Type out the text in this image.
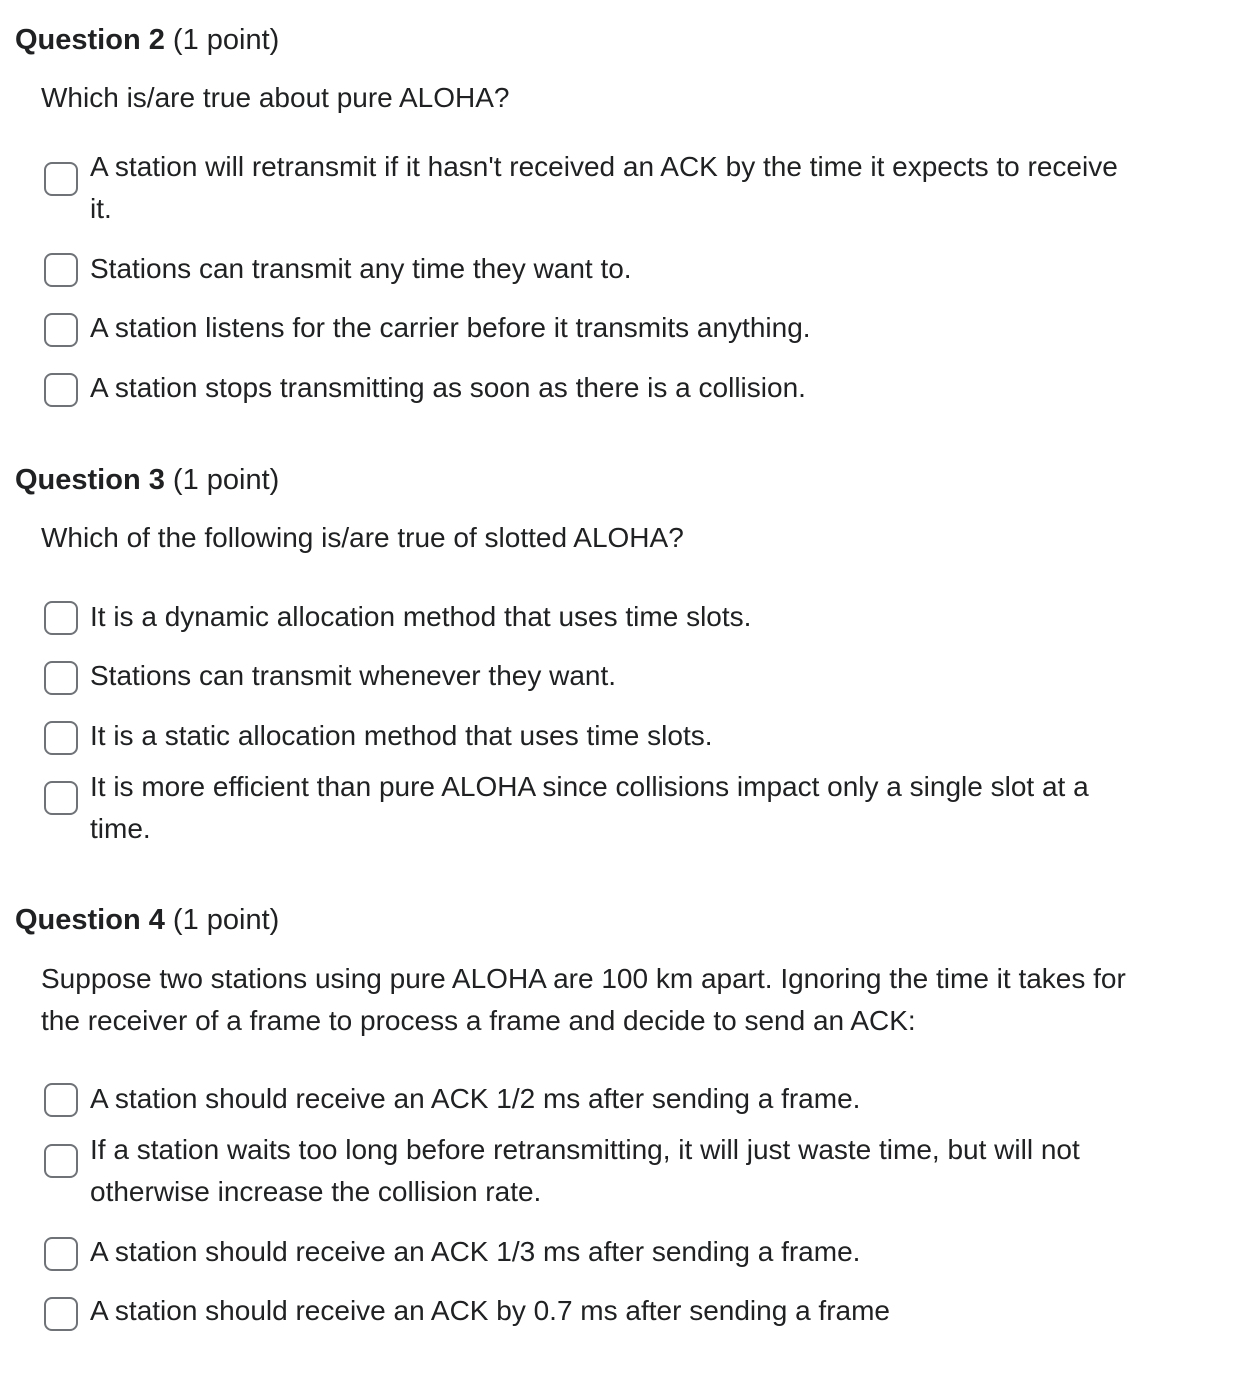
Question 2 (1 point)
Which is/are true about pure ALOHA?
A station will retransmit if it hasn't received an ACK by the time it expects to receive it.
Stations can transmit any time they want to.
A station listens for the carrier before it transmits anything.
A station stops transmitting as soon as there is a collision.
Question 3 (1 point)
Which of the following is/are true of slotted ALOHA?
It is a dynamic allocation method that uses time slots.
Stations can transmit whenever they want.
It is a static allocation method that uses time slots.
It is more efficient than pure ALOHA since collisions impact only a single slot at a time.
Question 4 (1 point)
Suppose two stations using pure ALOHA are 100 km apart. Ignoring the time it takes for the receiver of a frame to process a frame and decide to send an ACK:
A station should receive an ACK 1/2 ms after sending a frame.
If a station waits too long before retransmitting, it will just waste time, but will not otherwise increase the collision rate.
A station should receive an ACK 1/3 ms after sending a frame.
A station should receive an ACK by 0.7 ms after sending a frame
